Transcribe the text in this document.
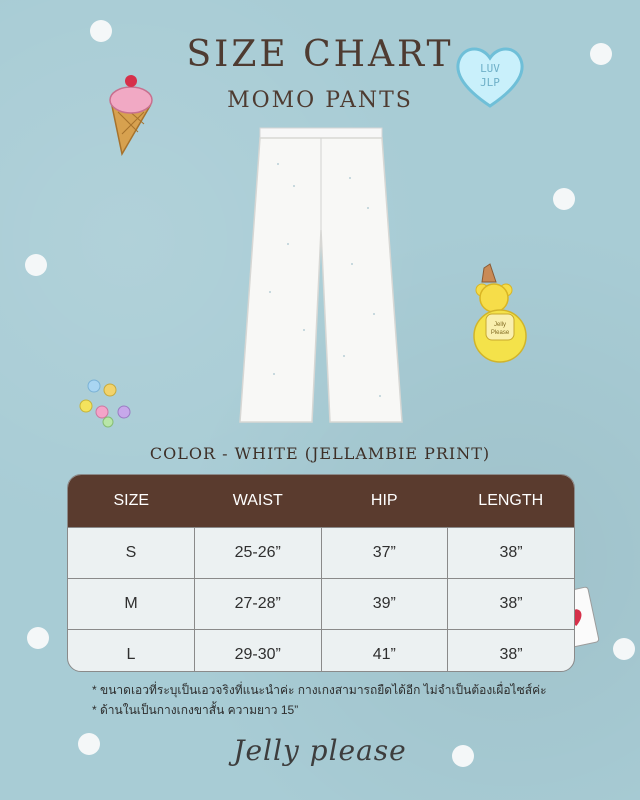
LUV
JLP
Jelly
Please
SIZE CHART
MOMO PANTS
COLOR - WHITE (JELLAMBIE PRINT)
SIZE	WAIST	HIP	LENGTH
S	25-26”	37”	38”
M	27-28”	39”	38”
L	29-30”	41”	38”
* ขนาดเอวที่ระบุเป็นเอวจริงที่แนะนำค่ะ กางเกงสามารถยืดได้อีก ไม่จำเป็นต้องเผื่อไซส์ค่ะ
* ด้านในเป็นกางเกงขาสั้น ความยาว 15”
Jelly please
